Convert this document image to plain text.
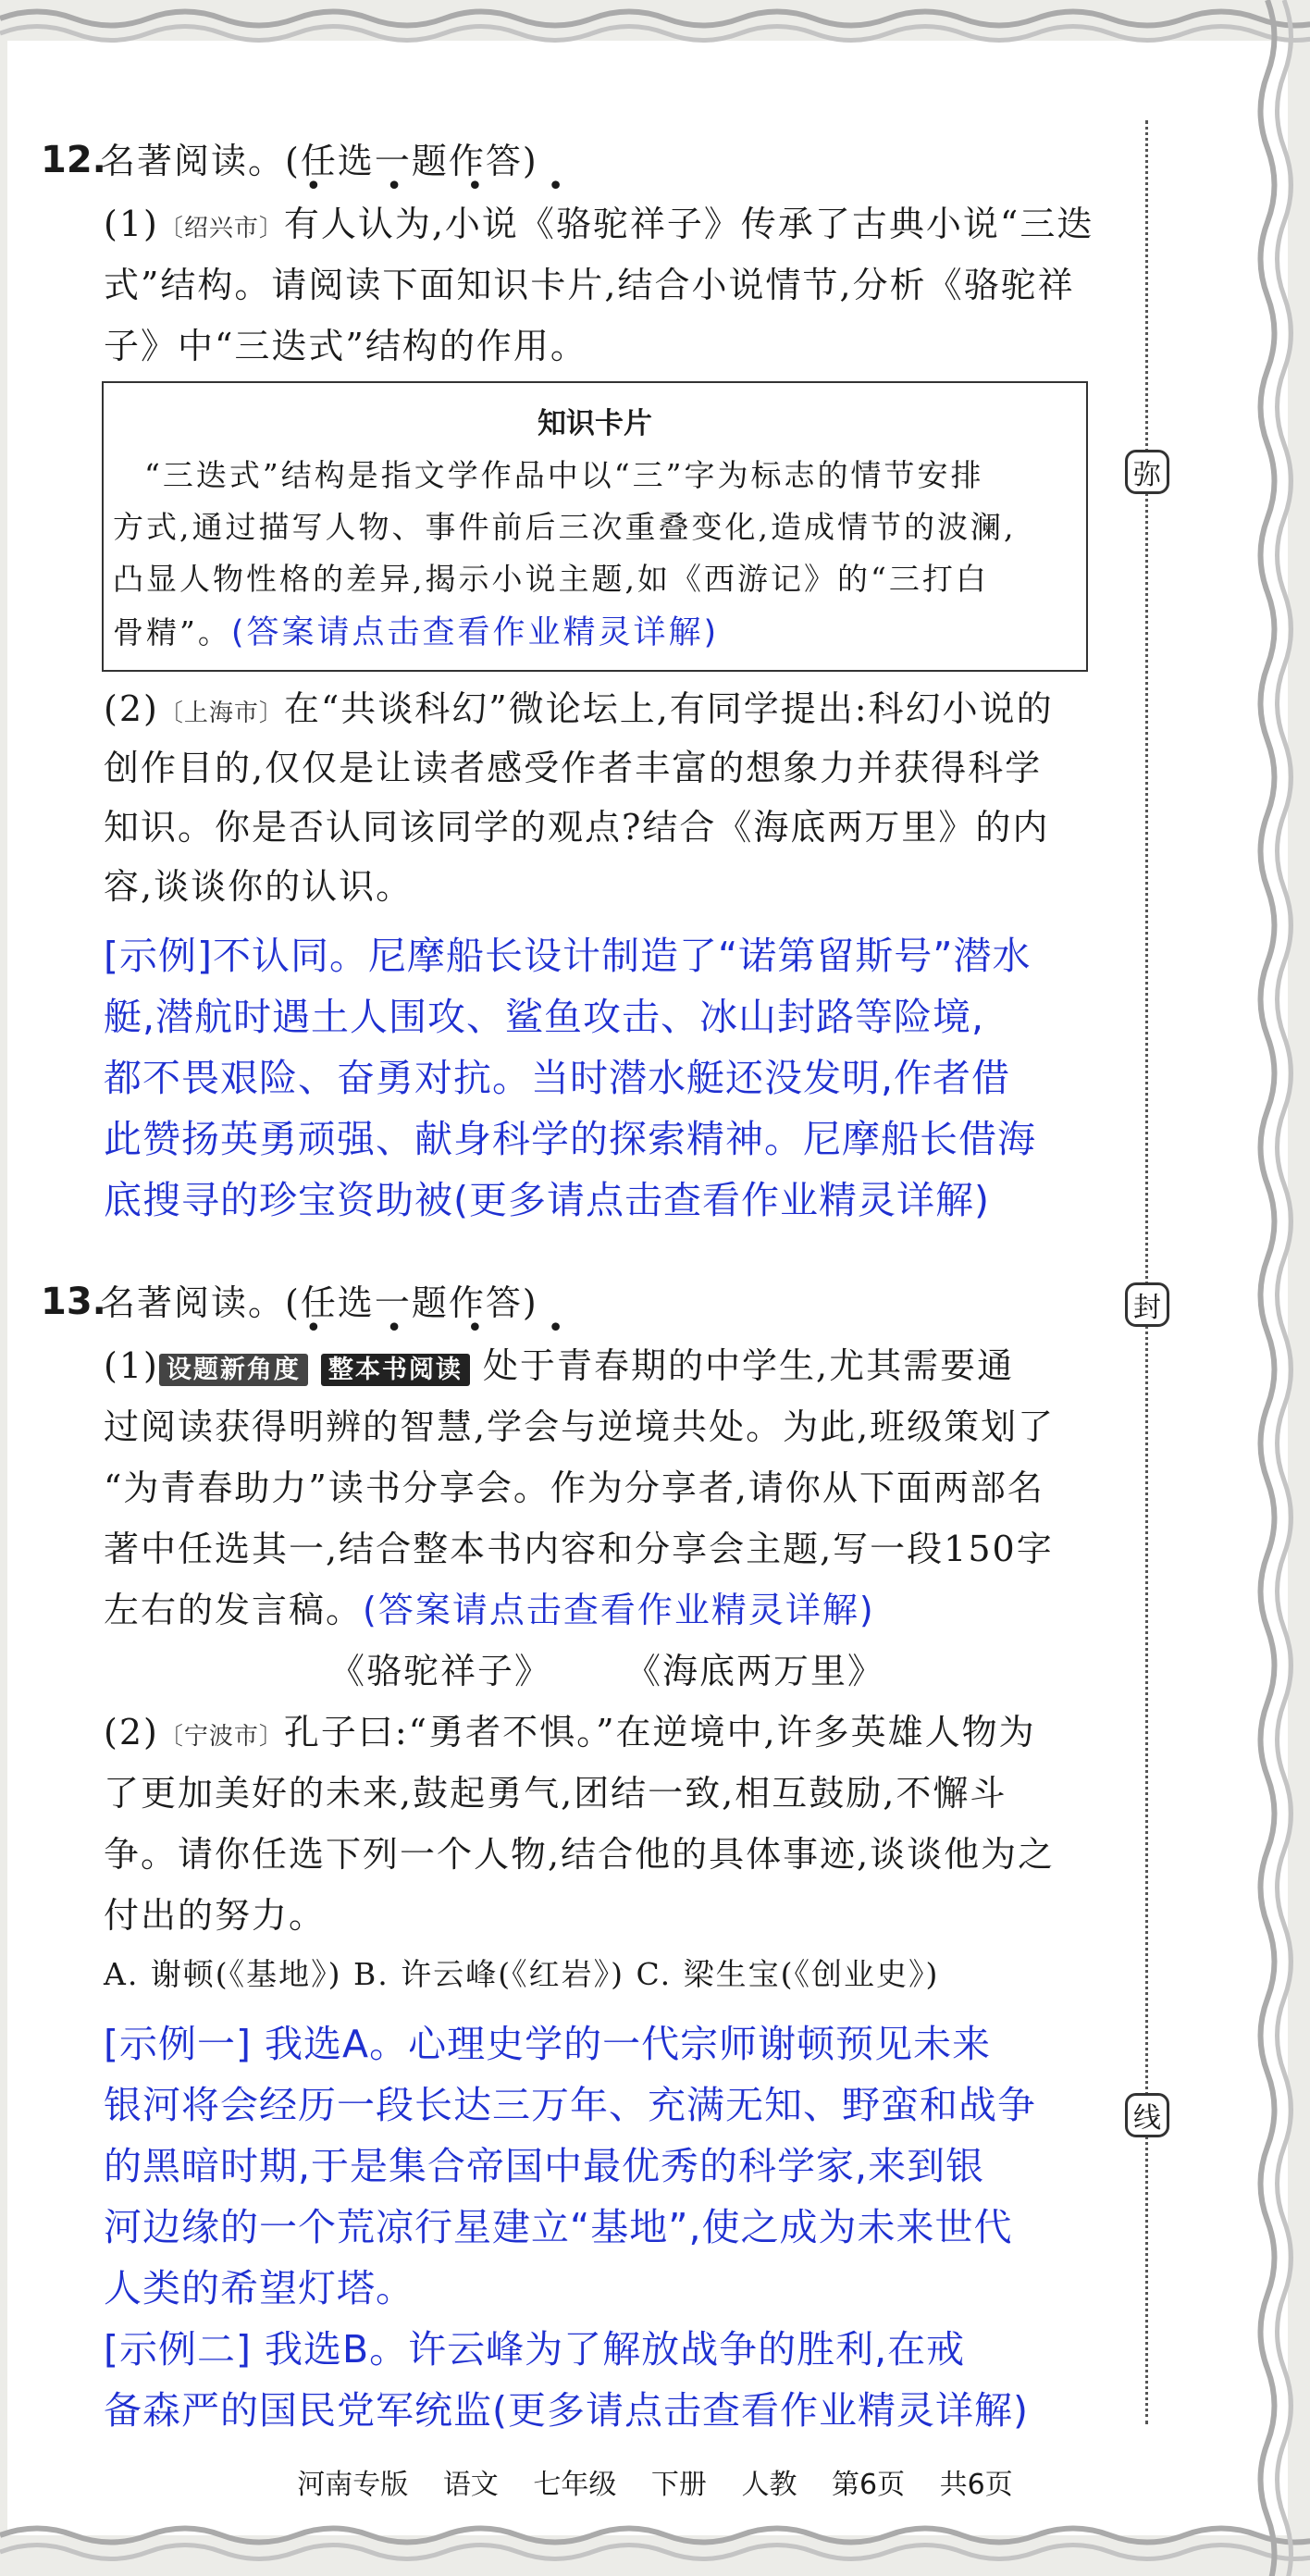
弥
封
线
12.
名著阅读。(任选一题作答)
• • • •
(1)〔绍兴市〕有人认为,小说《骆驼祥子》传承了古典小说“三迭
式”结构。请阅读下面知识卡片,结合小说情节,分析《骆驼祥
子》中“三迭式”结构的作用。
知识卡片
“三迭式”结构是指文学作品中以“三”字为标志的情节安排
方式,通过描写人物、事件前后三次重叠变化,造成情节的波澜,
凸显人物性格的差异,揭示小说主题,如《西游记》的“三打白
骨精”。(答案请点击查看作业精灵详解)
(2)〔上海市〕在“共谈科幻”微论坛上,有同学提出:科幻小说的
创作目的,仅仅是让读者感受作者丰富的想象力并获得科学
知识。你是否认同该同学的观点?结合《海底两万里》的内
容,谈谈你的认识。
[示例]不认同。尼摩船长设计制造了“诺第留斯号”潜水
艇,潜航时遇土人围攻、鲨鱼攻击、冰山封路等险境,
都不畏艰险、奋勇对抗。当时潜水艇还没发明,作者借
此赞扬英勇顽强、献身科学的探索精神。尼摩船长借海
底搜寻的珍宝资助被(更多请点击查看作业精灵详解)
13.
名著阅读。(任选一题作答)
• • • •
(1) 设题新角度 整本书阅读 处于青春期的中学生,尤其需要通
过阅读获得明辨的智慧,学会与逆境共处。为此,班级策划了
“为青春助力”读书分享会。作为分享者,请你从下面两部名
著中任选其一,结合整本书内容和分享会主题,写一段150字
左右的发言稿。(答案请点击查看作业精灵详解)
《骆驼祥子》 《海底两万里》
(2)〔宁波市〕孔子曰:“勇者不惧。”在逆境中,许多英雄人物为
了更加美好的未来,鼓起勇气,团结一致,相互鼓励,不懈斗
争。请你任选下列一个人物,结合他的具体事迹,谈谈他为之
付出的努力。
A. 谢顿(《基地》) B. 许云峰(《红岩》) C. 梁生宝(《创业史》)
[示例一] 我选A。心理史学的一代宗师谢顿预见未来
银河将会经历一段长达三万年、充满无知、野蛮和战争
的黑暗时期,于是集合帝国中最优秀的科学家,来到银
河边缘的一个荒凉行星建立“基地”,使之成为未来世代
人类的希望灯塔。
[示例二] 我选B。许云峰为了解放战争的胜利,在戒
备森严的国民党军统监(更多请点击查看作业精灵详解)
河南专版 语文 七年级 下册 人教 第6页 共6页
